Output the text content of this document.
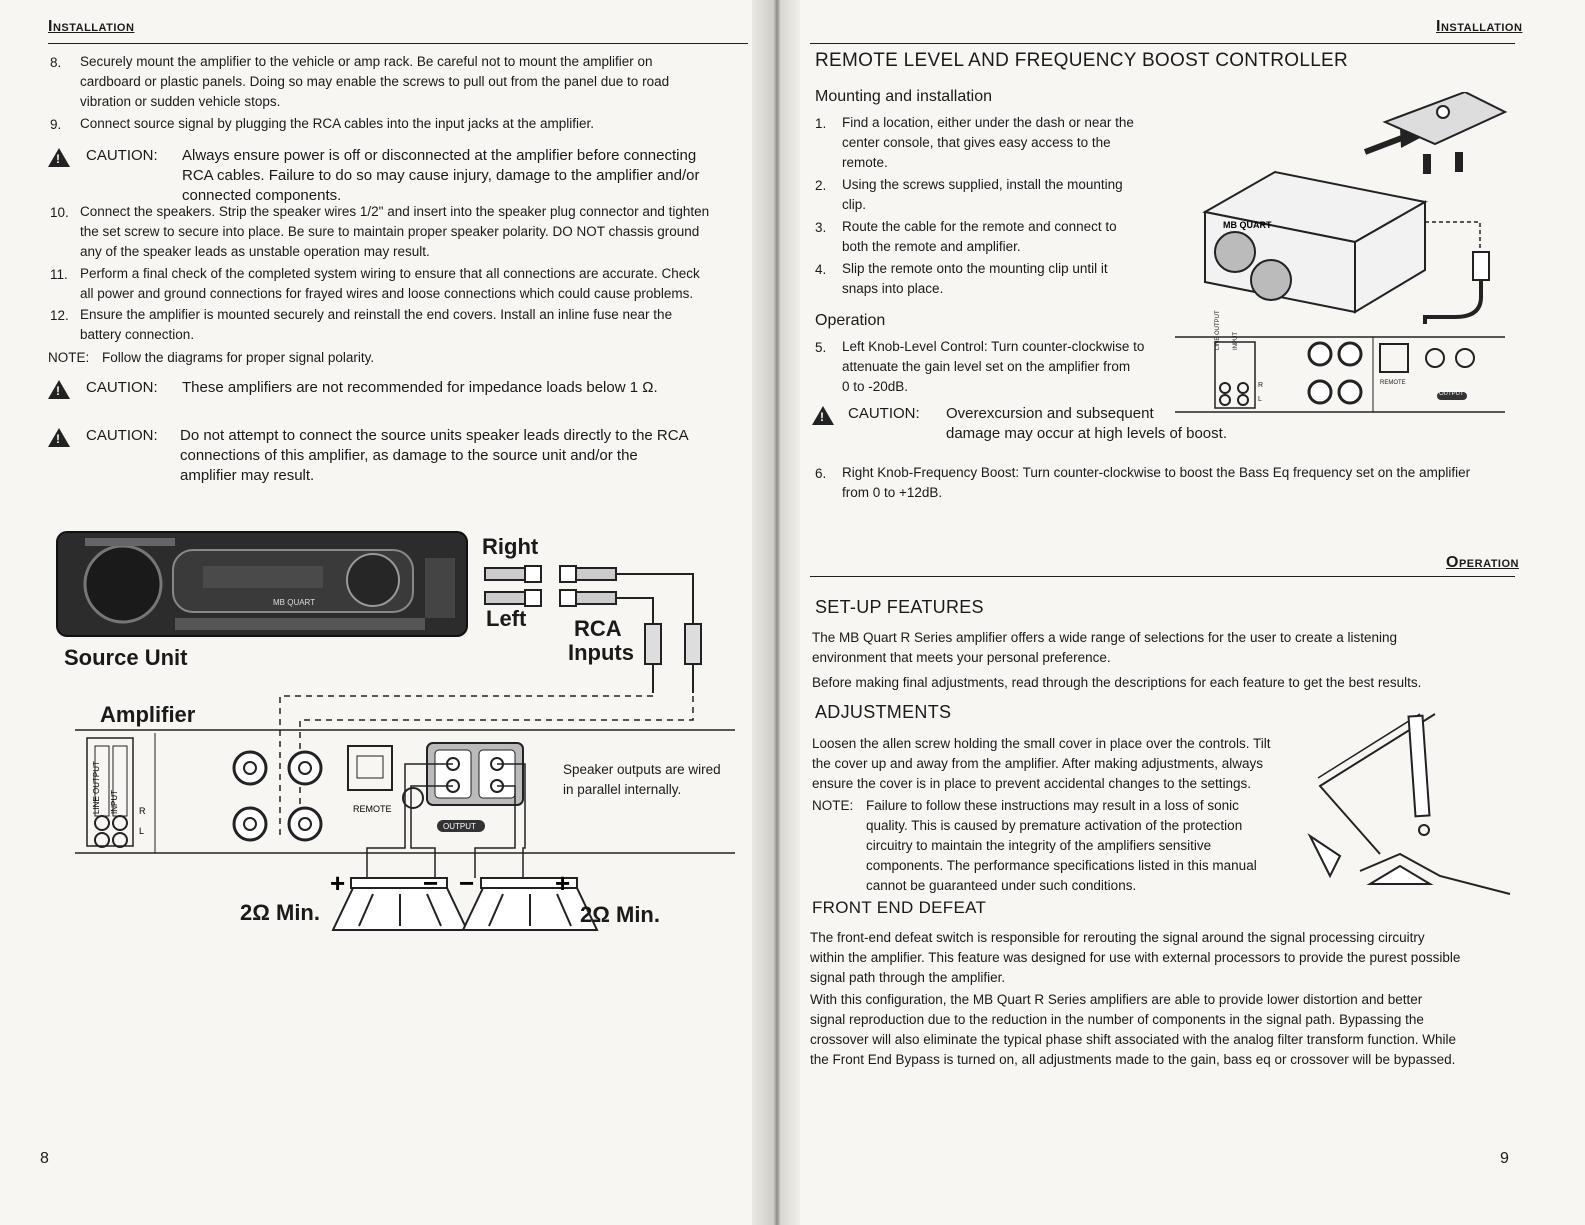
Installation
8. Securely mount the amplifier to the vehicle or amp rack. Be careful not to mount the amplifier on
cardboard or plastic panels. Doing so may enable the screws to pull out from the panel due to road
vibration or sudden vehicle stops.
9. Connect source signal by plugging the RCA cables into the input jacks at the amplifier.
10. Connect the speakers. Strip the speaker wires 1/2" and insert into the speaker plug connector and tighten
the set screw to secure into place. Be sure to maintain proper speaker polarity. DO NOT chassis ground
any of the speaker leads as unstable operation may result.
11. Perform a final check of the completed system wiring to ensure that all connections are accurate. Check
all power and ground connections for frayed wires and loose connections which could cause problems.
12. Ensure the amplifier is mounted securely and reinstall the end covers. Install an inline fuse near the
battery connection.
!
CAUTION: Always ensure power is off or disconnected at the amplifier before connecting
RCA cables. Failure to do so may cause injury, damage to the amplifier and/or
connected components.
NOTE: Follow the diagrams for proper signal polarity.
!
CAUTION: These amplifiers are not recommended for impedance loads below 1 Ω.
!
CAUTION: Do not attempt to connect the source units speaker leads directly to the RCA
connections of this amplifier, as damage to the source unit and/or the
amplifier may result.
MB QUART
LINE OUTPUT INPUT R
L
REMOTE
OUTPUT
+	− −	+
Right
Left RCA
Inputs
Source Unit
Amplifier
Speaker outputs are wired
in parallel internally.
2Ω Min.	2Ω Min.
8
Installation
REMOTE LEVEL AND FREQUENCY BOOST CONTROLLER
Mounting and installation
1. Find a location, either under the dash or near the
center console, that gives easy access to the
remote.
2. Using the screws supplied, install the mounting
clip.
3. Route the cable for the remote and connect to
both the remote and amplifier.
4. Slip the remote onto the mounting clip until it
snaps into place.
Operation
5. Left Knob-Level Control: Turn counter-clockwise to
attenuate the gain level set on the amplifier from
0 to -20dB.
!
CAUTION: Overexcursion and subsequent
damage may occur at high levels of boost.
6. Right Knob-Frequency Boost: Turn counter-clockwise to boost the Bass Eq frequency set on the amplifier
from 0 to +12dB.
MB QUART
LINE OUTPUT INPUT
R
L
REMOTE
OUTPUT
Operation
SET-UP FEATURES
The MB Quart R Series amplifier offers a wide range of selections for the user to create a listening
environment that meets your personal preference.
Before making final adjustments, read through the descriptions for each feature to get the best results.
ADJUSTMENTS
Loosen the allen screw holding the small cover in place over the controls. Tilt
the cover up and away from the amplifier. After making adjustments, always
ensure the cover is in place to prevent accidental changes to the settings.
NOTE: Failure to follow these instructions may result in a loss of sonic
quality. This is caused by premature activation of the protection
circuitry to maintain the integrity of the amplifiers sensitive
components. The performance specifications listed in this manual
cannot be guaranteed under such conditions.
FRONT END DEFEAT
The front-end defeat switch is responsible for rerouting the signal around the signal processing circuitry
within the amplifier. This feature was designed for use with external processors to provide the purest possible
signal path through the amplifier.
With this configuration, the MB Quart R Series amplifiers are able to provide lower distortion and better
signal reproduction due to the reduction in the number of components in the signal path. Bypassing the
crossover will also eliminate the typical phase shift associated with the analog filter transform function. While
the Front End Bypass is turned on, all adjustments made to the gain, bass eq or crossover will be bypassed.
9
